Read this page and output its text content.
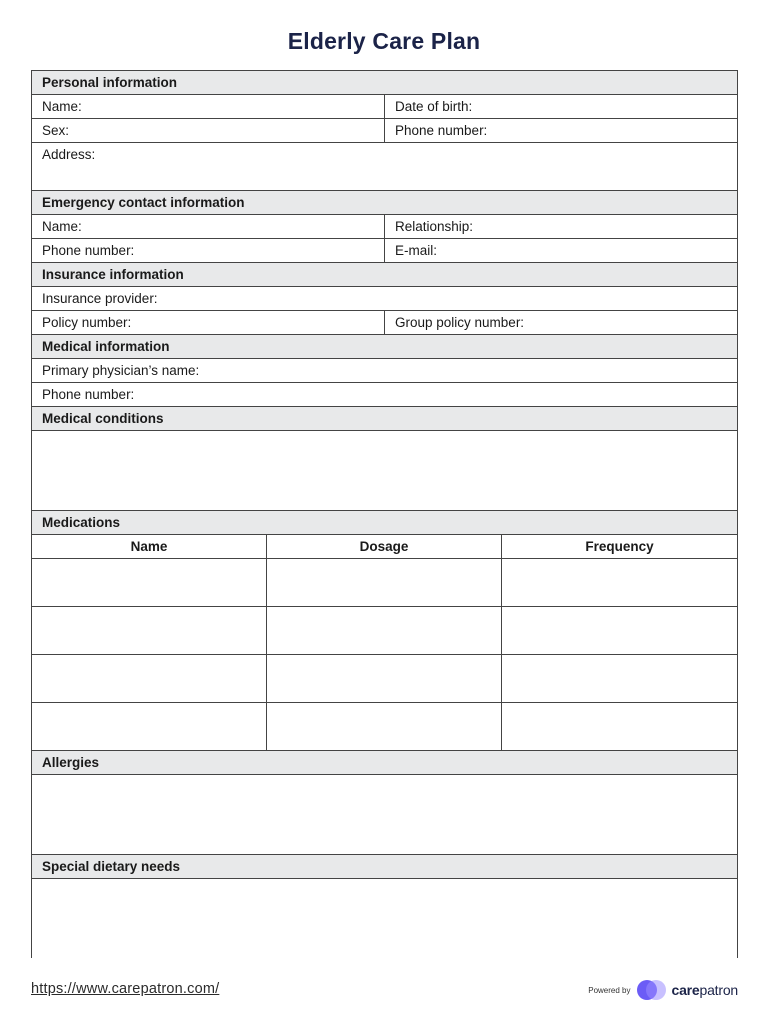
Elderly Care Plan
Personal information
Name:	Date of birth:
Sex:	Phone number:
Address:
Emergency contact information
Name:	Relationship:
Phone number:	E-mail:
Insurance information
Insurance provider:
Policy number:	Group policy number:
Medical information
Primary physician’s name:
Phone number:
Medical conditions
Medications
Name	Dosage	Frequency
Allergies
Special dietary needs
https://www.carepatron.com/	Powered by	carepatron
